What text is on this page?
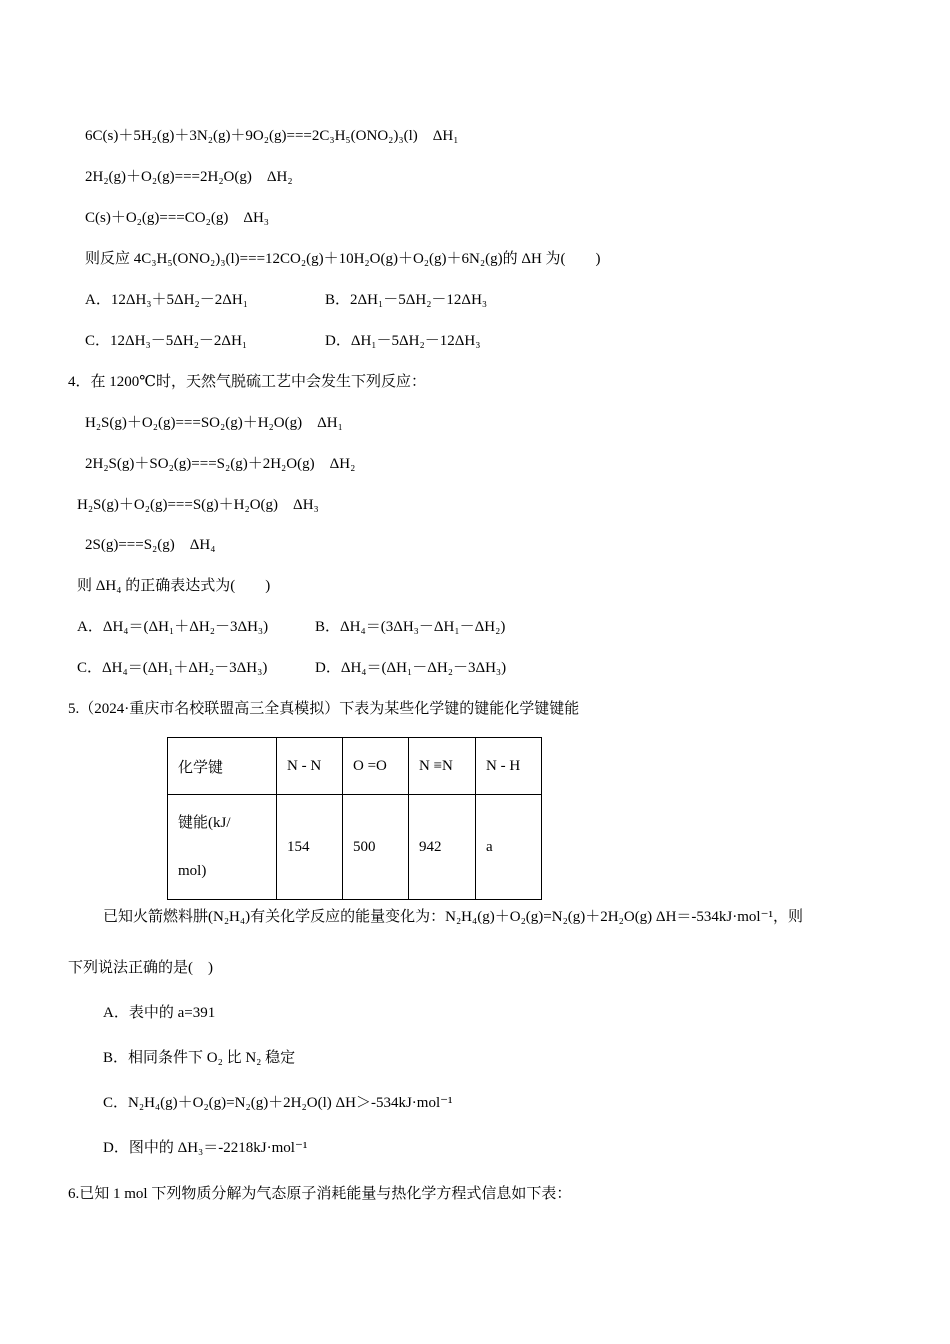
6C(s)＋5H₂(g)＋3N₂(g)＋9O₂(g)===2C₃H₅(ONO₂)₃(l)　ΔH₁
2H₂(g)＋O₂(g)===2H₂O(g)　ΔH₂
C(s)＋O₂(g)===CO₂(g)　ΔH₃
则反应 4C₃H₅(ONO₂)₃(l)===12CO₂(g)＋10H₂O(g)＋O₂(g)＋6N₂(g)的 ΔH 为(　　)
A．12ΔH₃＋5ΔH₂－2ΔH₁	B．2ΔH₁－5ΔH₂－12ΔH₃
C．12ΔH₃－5ΔH₂－2ΔH₁	D．ΔH₁－5ΔH₂－12ΔH₃
4．在 1200℃时，天然气脱硫工艺中会发生下列反应：
H₂S(g)＋O₂(g)===SO₂(g)＋H₂O(g)　ΔH₁
2H₂S(g)＋SO₂(g)===S₂(g)＋2H₂O(g)　ΔH₂
H₂S(g)＋O₂(g)===S(g)＋H₂O(g)　ΔH₃
2S(g)===S₂(g)　ΔH₄
则 ΔH₄ 的正确表达式为(　　)
A．ΔH₄＝(ΔH₁＋ΔH₂－3ΔH₃)	B．ΔH₄＝(3ΔH₃－ΔH₁－ΔH₂)
C．ΔH₄＝(ΔH₁＋ΔH₂－3ΔH₃)	D．ΔH₄＝(ΔH₁－ΔH₂－3ΔH₃)
5.（2024·重庆市名校联盟高三全真模拟）下表为某些化学键的键能化学键键能
化学键	N - N	O =O	N ≡N	N - H

键能(kJ/
mol)	154	500	942	a
已知火箭燃料肼(N₂H₄)有关化学反应的能量变化为：N₂H₄(g)＋O₂(g)=N₂(g)＋2H₂O(g) ΔH＝-534kJ·mol⁻¹，则
下列说法正确的是(　)
A．表中的 a=391
B．相同条件下 O₂ 比 N₂ 稳定
C．N₂H₄(g)＋O₂(g)=N₂(g)＋2H₂O(l) ΔH＞-534kJ·mol⁻¹
D．图中的 ΔH₃＝-2218kJ·mol⁻¹
6.已知 1 mol 下列物质分解为气态原子消耗能量与热化学方程式信息如下表：
